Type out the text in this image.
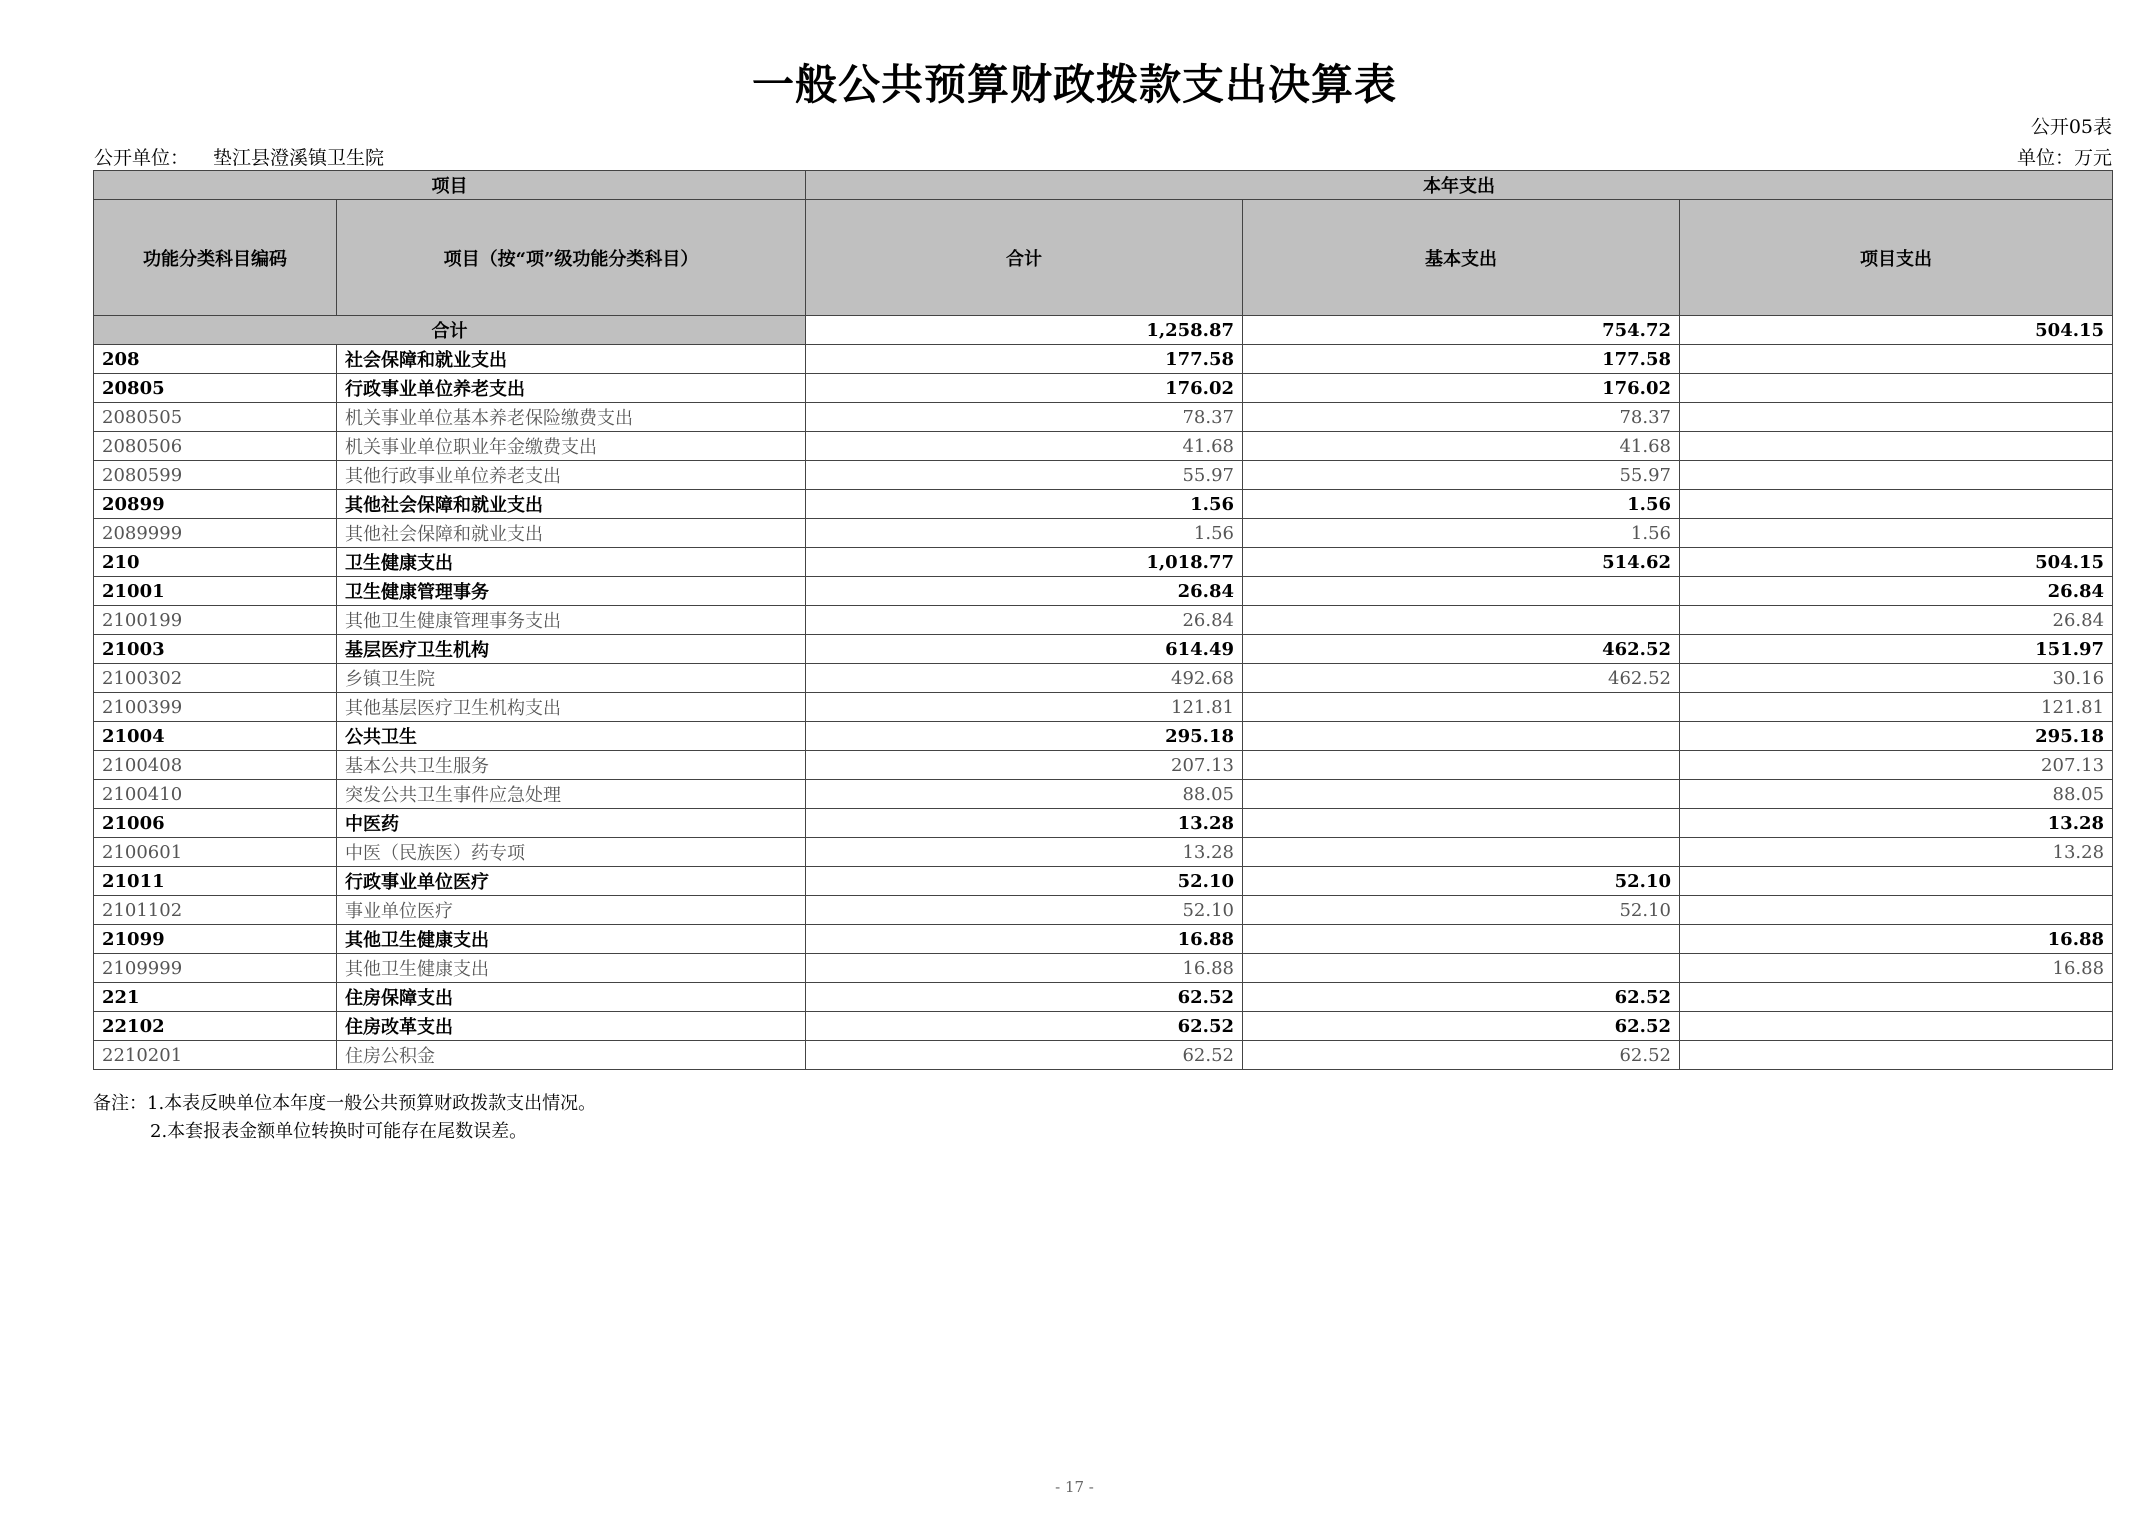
一般公共预算财政拨款支出决算表
公开05表
公开单位： 垫江县澄溪镇卫生院	单位：万元
项目		本年支出		
功能分类科目编码	项目（按“项”级功能分类科目）	合计	基本支出	项目支出
合计		1,258.87	754.72	504.15
208	社会保障和就业支出	177.58	177.58	
20805	行政事业单位养老支出	176.02	176.02	
2080505	机关事业单位基本养老保险缴费支出	78.37	78.37	
2080506	机关事业单位职业年金缴费支出	41.68	41.68	
2080599	其他行政事业单位养老支出	55.97	55.97	
20899	其他社会保障和就业支出	1.56	1.56	
2089999	其他社会保障和就业支出	1.56	1.56	
210	卫生健康支出	1,018.77	514.62	504.15
21001	卫生健康管理事务	26.84		26.84
2100199	其他卫生健康管理事务支出	26.84		26.84
21003	基层医疗卫生机构	614.49	462.52	151.97
2100302	乡镇卫生院	492.68	462.52	30.16
2100399	其他基层医疗卫生机构支出	121.81		121.81
21004	公共卫生	295.18		295.18
2100408	基本公共卫生服务	207.13		207.13
2100410	突发公共卫生事件应急处理	88.05		88.05
21006	中医药	13.28		13.28
2100601	中医（民族医）药专项	13.28		13.28
21011	行政事业单位医疗	52.10	52.10	
2101102	事业单位医疗	52.10	52.10	
21099	其他卫生健康支出	16.88		16.88
2109999	其他卫生健康支出	16.88		16.88
221	住房保障支出	62.52	62.52	
22102	住房改革支出	62.52	62.52	
2210201	住房公积金	62.52	62.52	
备注：1.本表反映单位本年度一般公共预算财政拨款支出情况。
2.本套报表金额单位转换时可能存在尾数误差。
- 17 -
